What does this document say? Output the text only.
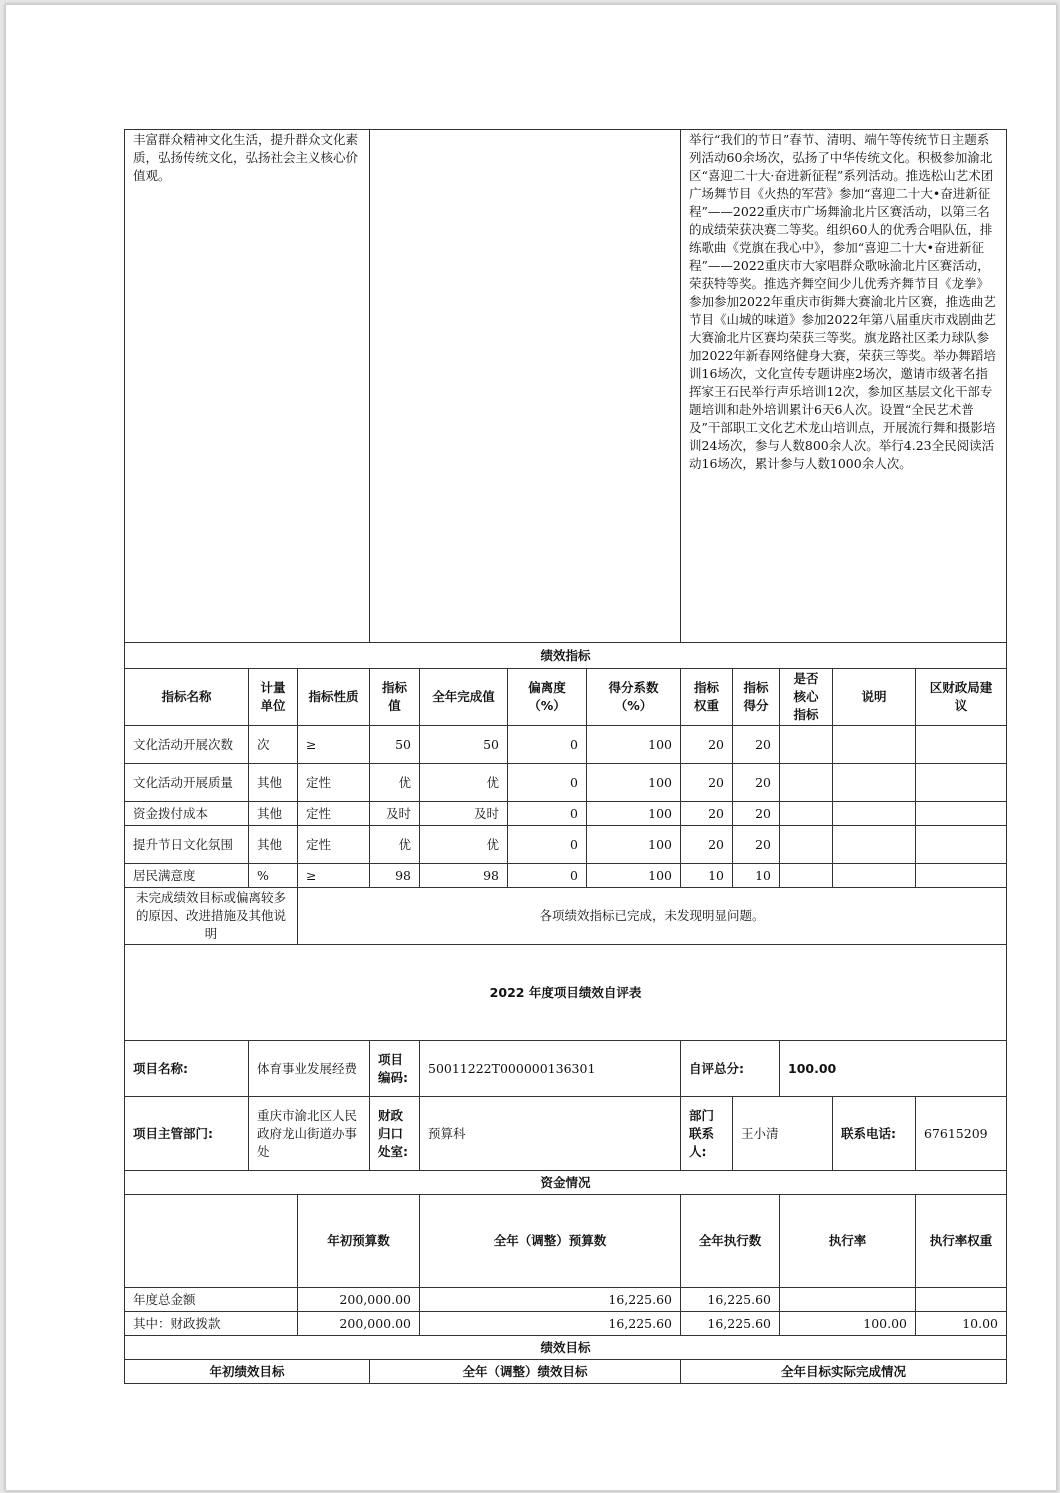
丰富群众精神文化生活，提升群众文化素质，弘扬传统文化，弘扬社会主义核心价值观。							举行“我们的节日”春节、清明、端午等传统节日主题系列活动60余场次，弘扬了中华传统文化。积极参加渝北区“喜迎二十大·奋进新征程”系列活动。推选松山艺术团广场舞节目《火热的军营》参加“喜迎二十大•奋进新征程”——2022重庆市广场舞渝北片区赛活动，以第三名的成绩荣获决赛二等奖。组织60人的优秀合唱队伍，排练歌曲《党旗在我心中》，参加“喜迎二十大•奋进新征程”——2022重庆市大家唱群众歌咏渝北片区赛活动，荣获特等奖。推选齐舞空间少儿优秀齐舞节目《龙拳》参加参加2022年重庆市街舞大赛渝北片区赛，推选曲艺节目《山城的味道》参加2022年第八届重庆市戏剧曲艺大赛渝北片区赛均荣获三等奖。旗龙路社区柔力球队参加2022年新春网络健身大赛，荣获三等奖。举办舞蹈培训16场次，文化宣传专题讲座2场次，邀请市级著名指挥家王石民举行声乐培训12次，参加区基层文化干部专题培训和赴外培训累计6天6人次。设置“全民艺术普及”干部职工文化艺术龙山培训点，开展流行舞和摄影培训24场次，参与人数800余人次。举行4.23全民阅读活动16场次，累计参与人数1000余人次。					
绩效指标												
指标名称	计量单位	指标性质	指标值	全年完成值	偏离度（%）	得分系数（%）	指标权重	指标得分	是否核心指标	说明	区财政局建议	
文化活动开展次数	次	≥	50	50	0	100	20	20				
文化活动开展质量	其他	定性	优	优	0	100	20	20				
资金拨付成本	其他	定性	及时	及时	0	100	20	20				
提升节日文化氛围	其他	定性	优	优	0	100	20	20				
居民满意度	%	≥	98	98	0	100	10	10				
未完成绩效目标或偏离较多的原因、改进措施及其他说明		各项绩效指标已完成，未发现明显问题。										
2022 年度项目绩效自评表												
项目名称:	体育事业发展经费		项目编码:	50011222T000000136301			自评总分:		100.00			
项目主管部门:	重庆市渝北区人民政府龙山街道办事处		财政归口处室:	预算科			部门联系人:	王小清		联系电话:	67615209	
资金情况												
		年初预算数		全年（调整）预算数			全年执行数		执行率		执行率权重	
年度总金额		200,000.00		16,225.60			16,225.60					
其中：财政拨款		200,000.00		16,225.60			16,225.60		100.00		10.00	
绩效目标												
年初绩效目标			全年（调整）绩效目标				全年目标实际完成情况					
